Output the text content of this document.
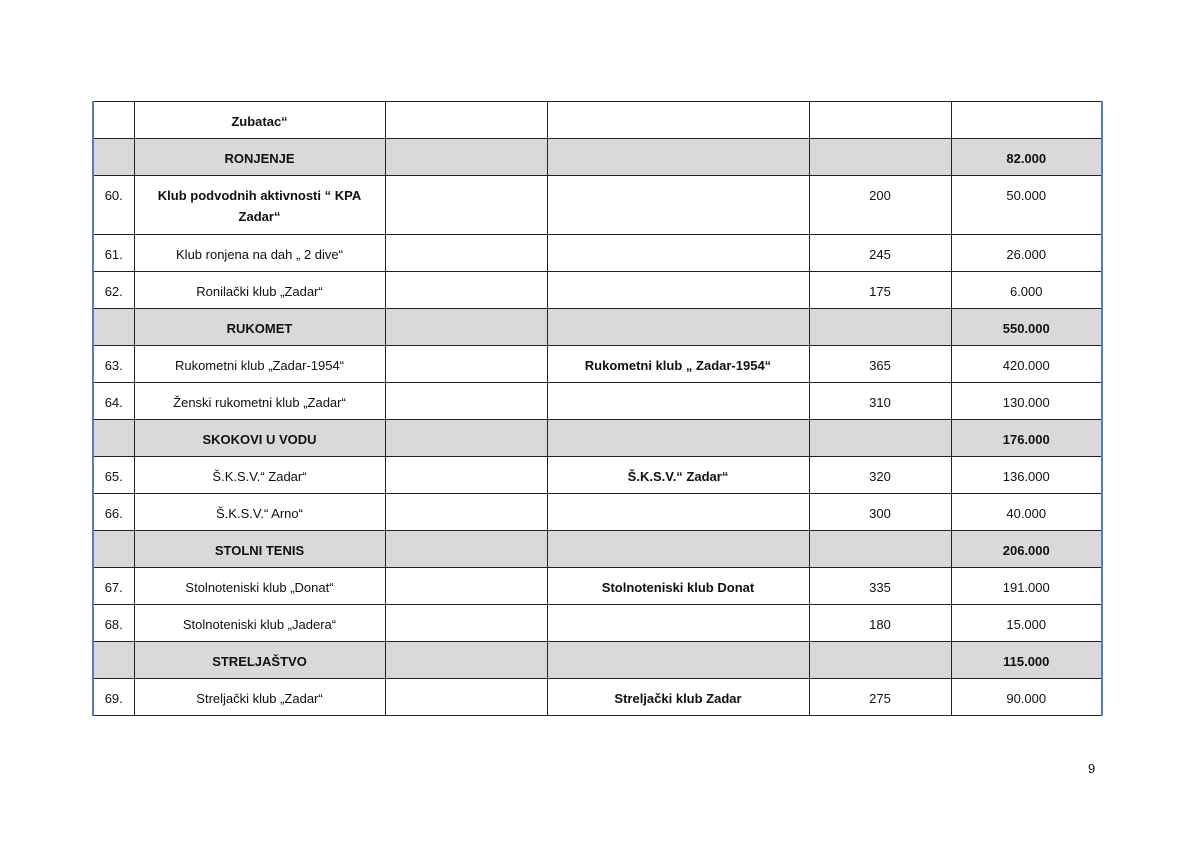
	Zubatac“				

	RONJENJE				82.000

60.	Klub podvodnih aktivnosti “ KPA Zadar“			200	50.000

61.	Klub ronjena na dah „ 2 dive“			245	26.000

62.	Ronilački klub „Zadar“			175	6.000

	RUKOMET				550.000

63.	Rukometni klub „Zadar-1954“		Rukometni klub „ Zadar-1954“	365	420.000

64.	Ženski rukometni klub „Zadar“			310	130.000

	SKOKOVI U VODU				176.000

65.	Š.K.S.V.“ Zadar“		Š.K.S.V.“ Zadar“	320	136.000

66.	Š.K.S.V.“ Arno“			300	40.000

	STOLNI TENIS				206.000

67.	Stolnoteniski klub „Donat“		Stolnoteniski klub Donat	335	191.000

68.	Stolnoteniski klub „Jadera“			180	15.000

	STRELJAŠTVO				115.000

69.	Streljački klub „Zadar“		Streljački klub Zadar	275	90.000
9
